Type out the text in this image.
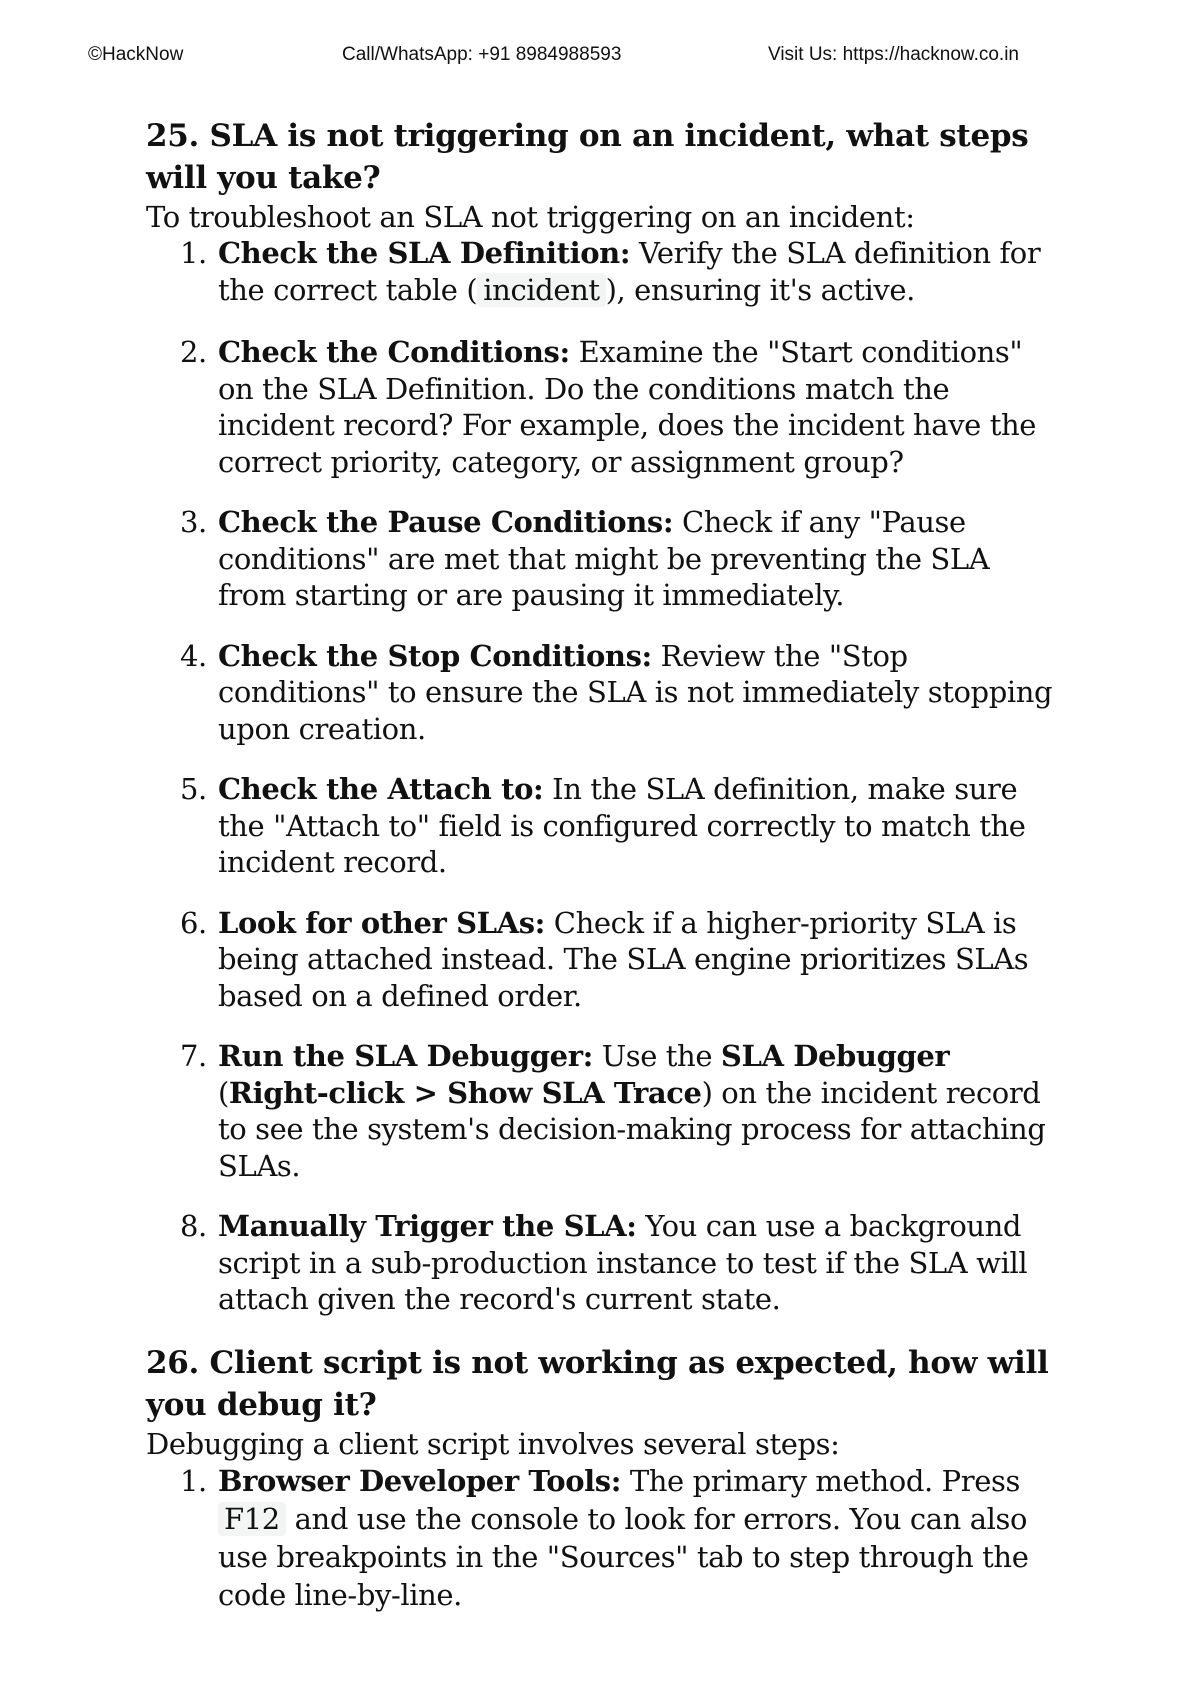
©HackNow	Call/WhatsApp: +91 8984988593	Visit Us: https://hacknow.co.in
25. SLA is not triggering on an incident, what steps will you take?

To troubleshoot an SLA not triggering on an incident:

1. Check the SLA Definition: Verify the SLA definition for the correct table ( incident ), ensuring it's active.
2. Check the Conditions: Examine the "Start conditions" on the SLA Definition. Do the conditions match the incident record? For example, does the incident have the correct priority, category, or assignment group?
3. Check the Pause Conditions: Check if any "Pause conditions" are met that might be preventing the SLA from starting or are pausing it immediately.
4. Check the Stop Conditions: Review the "Stop conditions" to ensure the SLA is not immediately stopping upon creation.
5. Check the Attach to: In the SLA definition, make sure the "Attach to" field is configured correctly to match the incident record.
6. Look for other SLAs: Check if a higher-priority SLA is being attached instead. The SLA engine prioritizes SLAs based on a defined order.
7. Run the SLA Debugger: Use the SLA Debugger (Right-click > Show SLA Trace) on the incident record to see the system's decision-making process for attaching SLAs.
8. Manually Trigger the SLA: You can use a background script in a sub-production instance to test if the SLA will attach given the record's current state.
26. Client script is not working as expected, how will you debug it?

Debugging a client script involves several steps:

1. Browser Developer Tools: The primary method. Press F12 and use the console to look for errors. You can also use breakpoints in the "Sources" tab to step through the code line-by-line.
